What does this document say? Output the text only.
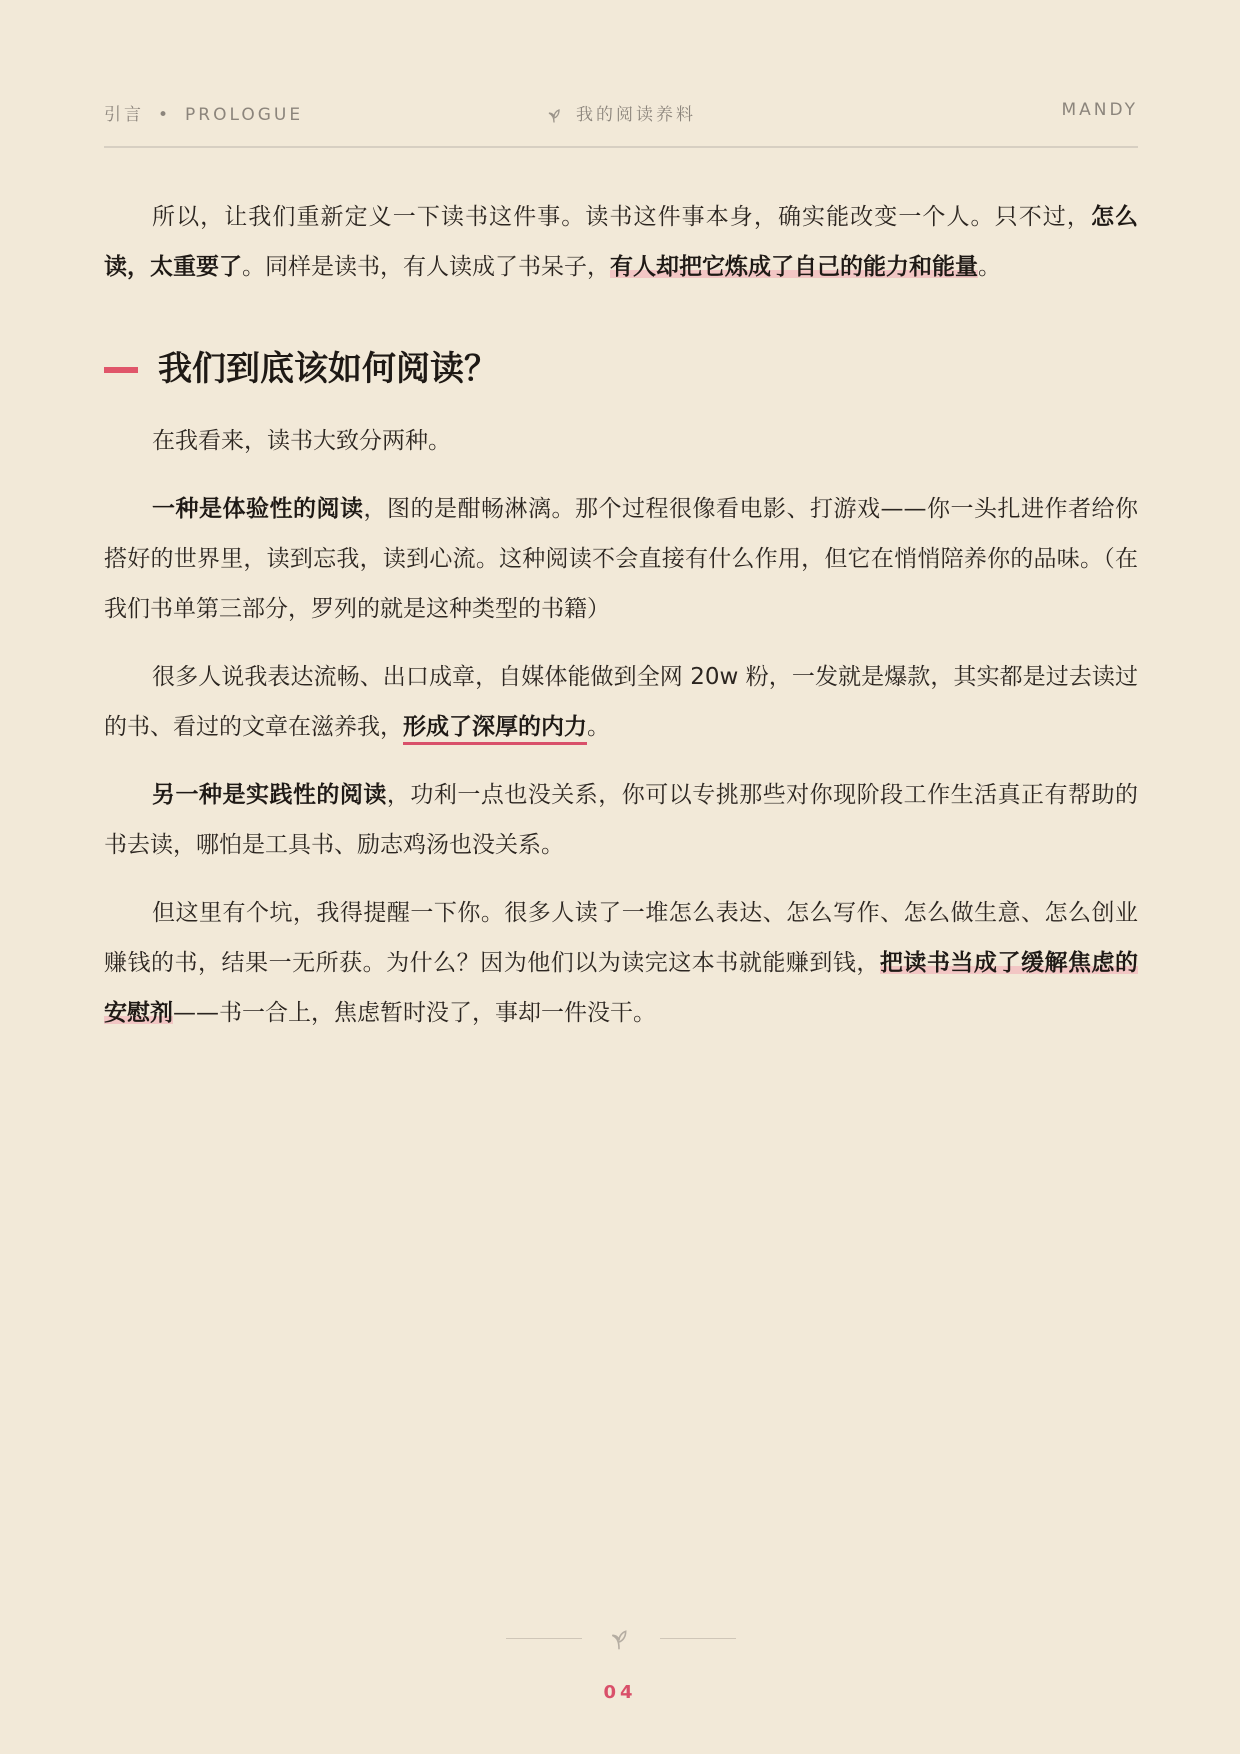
引言 • PROLOGUE	我的阅读养料	MANDY

所以，让我们重新定义一下读书这件事。读书这件事本身，确实能改变一个人。只不过，怎么读，太重要了。同样是读书，有人读成了书呆子，有人却把它炼成了自己的能力和能量。

我们到底该如何阅读？

在我看来，读书大致分两种。

一种是体验性的阅读，图的是酣畅淋漓。那个过程很像看电影、打游戏——你一头扎进作者给你搭好的世界里，读到忘我，读到心流。这种阅读不会直接有什么作用，但它在悄悄陪养你的品味。（在我们书单第三部分，罗列的就是这种类型的书籍）

很多人说我表达流畅、出口成章，自媒体能做到全网 20w 粉，一发就是爆款，其实都是过去读过的书、看过的文章在滋养我，形成了深厚的内力。

另一种是实践性的阅读，功利一点也没关系，你可以专挑那些对你现阶段工作生活真正有帮助的书去读，哪怕是工具书、励志鸡汤也没关系。

但这里有个坑，我得提醒一下你。很多人读了一堆怎么表达、怎么写作、怎么做生意、怎么创业赚钱的书，结果一无所获。为什么？因为他们以为读完这本书就能赚到钱，把读书当成了缓解焦虑的安慰剂——书一合上，焦虑暂时没了，事却一件没干。

04
